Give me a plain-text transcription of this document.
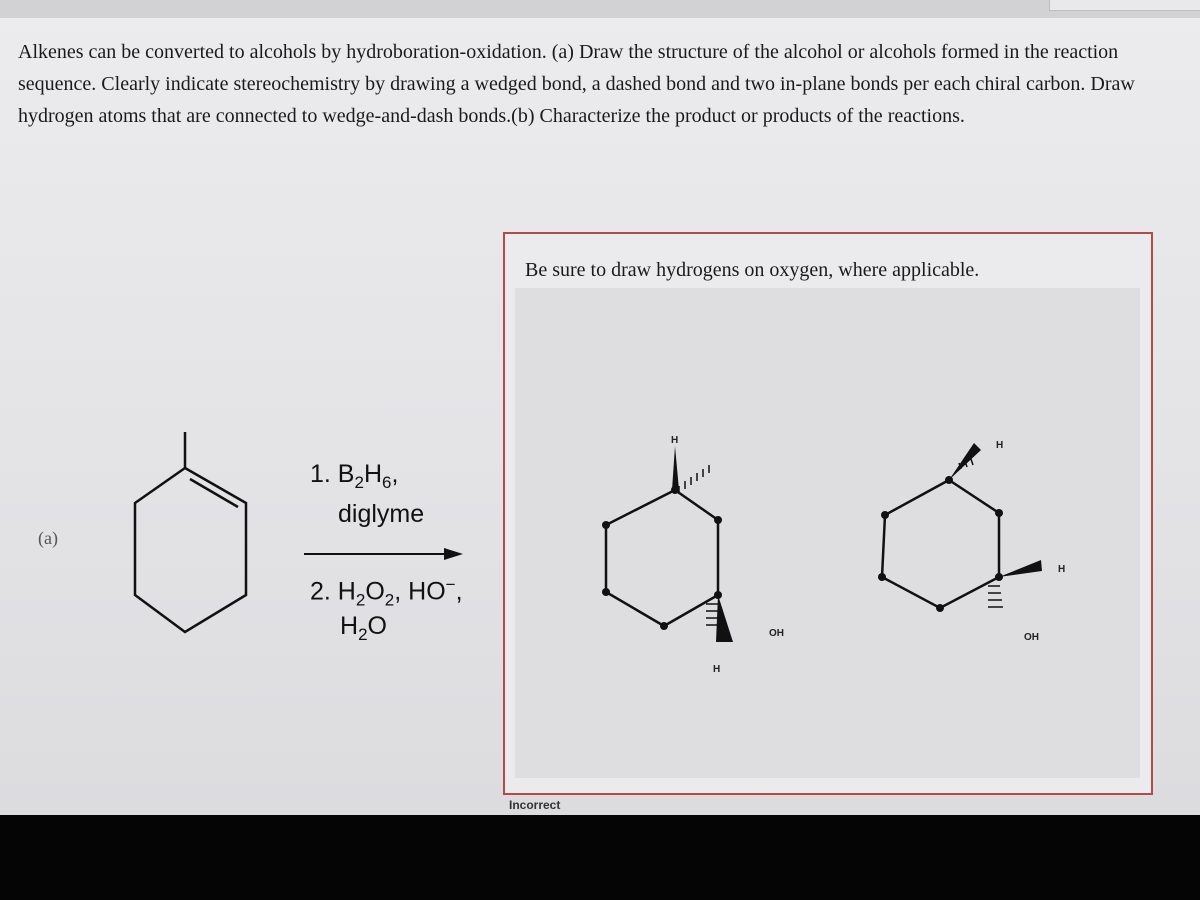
Alkenes can be converted to alcohols by hydroboration-oxidation. (a) Draw the structure of the alcohol or alcohols formed in the reaction sequence. Clearly indicate stereochemistry by drawing a wedged bond, a dashed bond and two in-plane bonds per each chiral carbon. Draw hydrogen atoms that are connected to wedge-and-dash bonds.(b) Characterize the product or products of the reactions.
(a)
1. $B_2H_6$,
diglyme
2. $H_2O_2$, HO−,
$H_2O$
Be sure to draw hydrogens on oxygen, where applicable.
H
H
OH
H
H
OH
Incorrect
